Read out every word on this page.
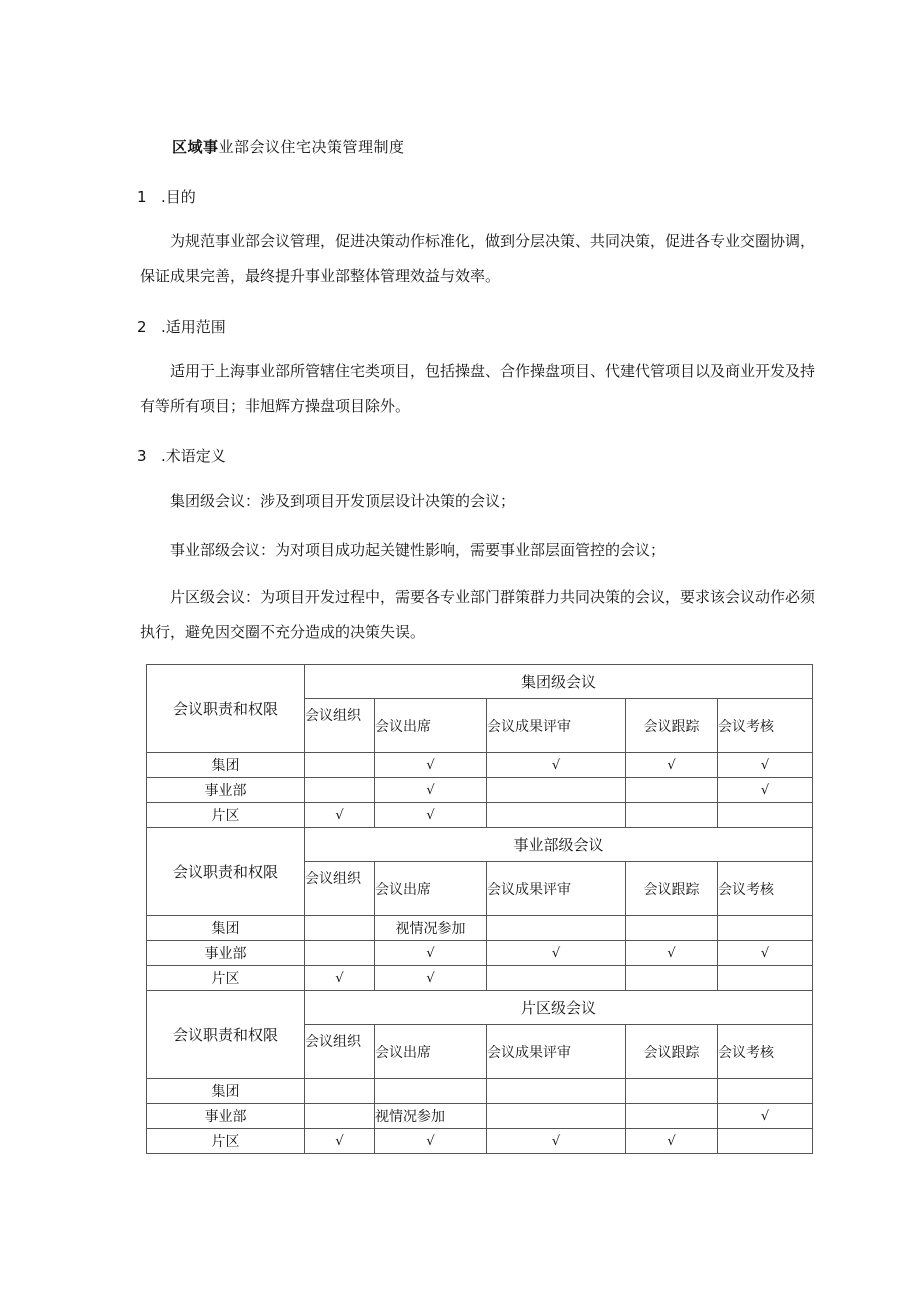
区域事业部会议住宅决策管理制度
1 .目的
为规范事业部会议管理，促进决策动作标准化，做到分层决策、共同决策，促进各专业交圈协调，保证成果完善，最终提升事业部整体管理效益与效率。
2 .适用范围
适用于上海事业部所管辖住宅类项目，包括操盘、合作操盘项目、代建代管项目以及商业开发及持有等所有项目；非旭辉方操盘项目除外。
3 .术语定义
集团级会议：涉及到项目开发顶层设计决策的会议；
事业部级会议：为对项目成功起关键性影响，需要事业部层面管控的会议；
片区级会议：为项目开发过程中，需要各专业部门群策群力共同决策的会议，要求该会议动作必须执行，避免因交圈不充分造成的决策失误。
会议职责和权限	集团级会议				
	会议组织	会议出席	会议成果评审	会议跟踪	会议考核
集团		√	√	√	√
事业部		√			√
片区	√	√			
会议职责和权限	事业部级会议				
	会议组织	会议出席	会议成果评审	会议跟踪	会议考核
集团		视情况参加			
事业部		√	√	√	√
片区	√	√			
会议职责和权限	片区级会议				
	会议组织	会议出席	会议成果评审	会议跟踪	会议考核
集团					
事业部		视情况参加			√
片区	√	√	√	√	
